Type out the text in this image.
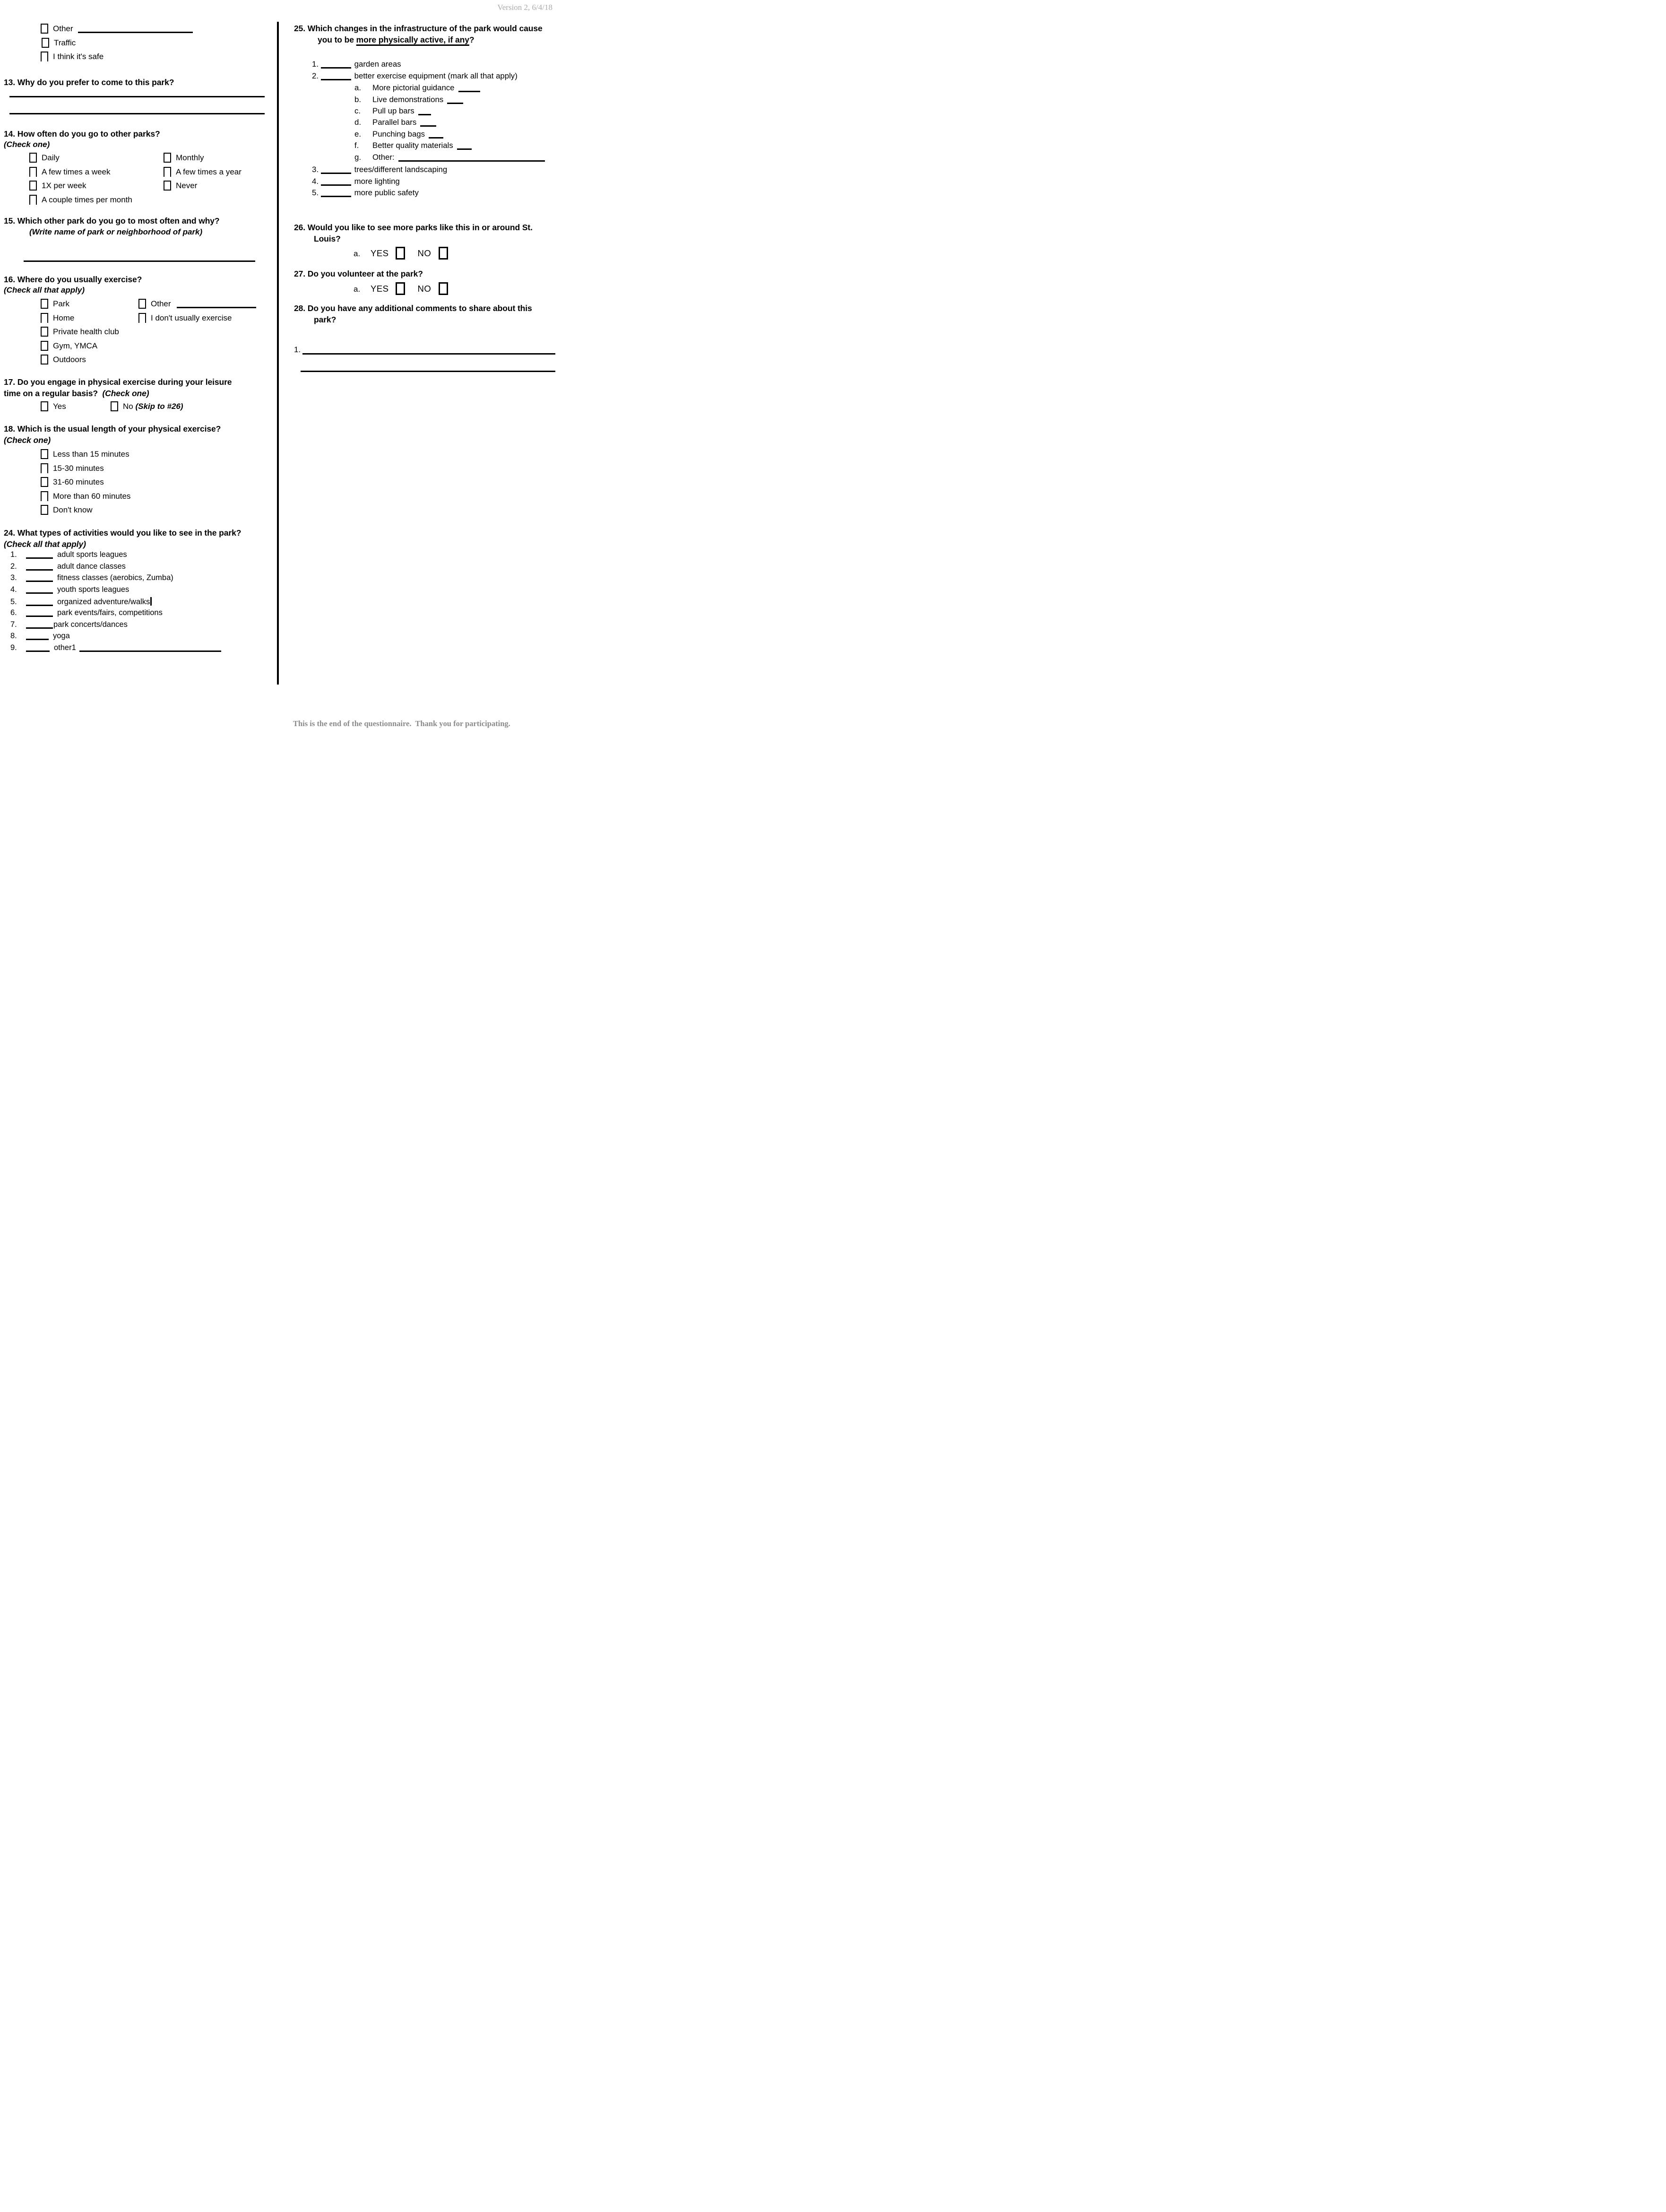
Version 2, 6/4/18
Other
Traffic
I think it's safe
13. Why do you prefer to come to this park?
14. How often do you go to other parks?
(Check one)
Daily	Monthly
A few times a week	A few times a year
1X per week	Never
A couple times per month
15. Which other park do you go to most often and why?
(Write name of park or neighborhood of park)
16. Where do you usually exercise?
(Check all that apply)
Park	Other
Home	I don't usually exercise
Private health club
Gym, YMCA
Outdoors
17. Do you engage in physical exercise during your leisure time on a regular basis? (Check one)
Yes	No (Skip to #26)
18. Which is the usual length of your physical exercise?  (Check one)
Less than 15 minutes
15-30 minutes
31-60 minutes
More than 60 minutes
Don't know
24. What types of activities would you like to see in the park? (Check all that apply)
1.	adult sports leagues
2.	adult dance classes
3.	fitness classes (aerobics, Zumba)
4.	youth sports leagues
5.	organized adventure/walks
6.	park events/fairs, competitions
7.	park concerts/dances
8.	yoga
9.	other1
25. Which changes in the infrastructure of the park would cause you to be more physically active, if any?
1.	garden areas
2.	better exercise equipment (mark all that apply)
a. More pictorial guidance
b. Live demonstrations
c. Pull up bars
d. Parallel bars
e. Punching bags
f. Better quality materials
g. Other:
3.	trees/different landscaping
4.	more lighting
5.	more public safety
26. Would you like to see more parks like this in or around St. Louis?
a. YES	NO
27. Do you volunteer at the park?
a. YES	NO
28. Do you have any additional comments to share about this park?
1.
This is the end of the questionnaire.  Thank you for participating.
